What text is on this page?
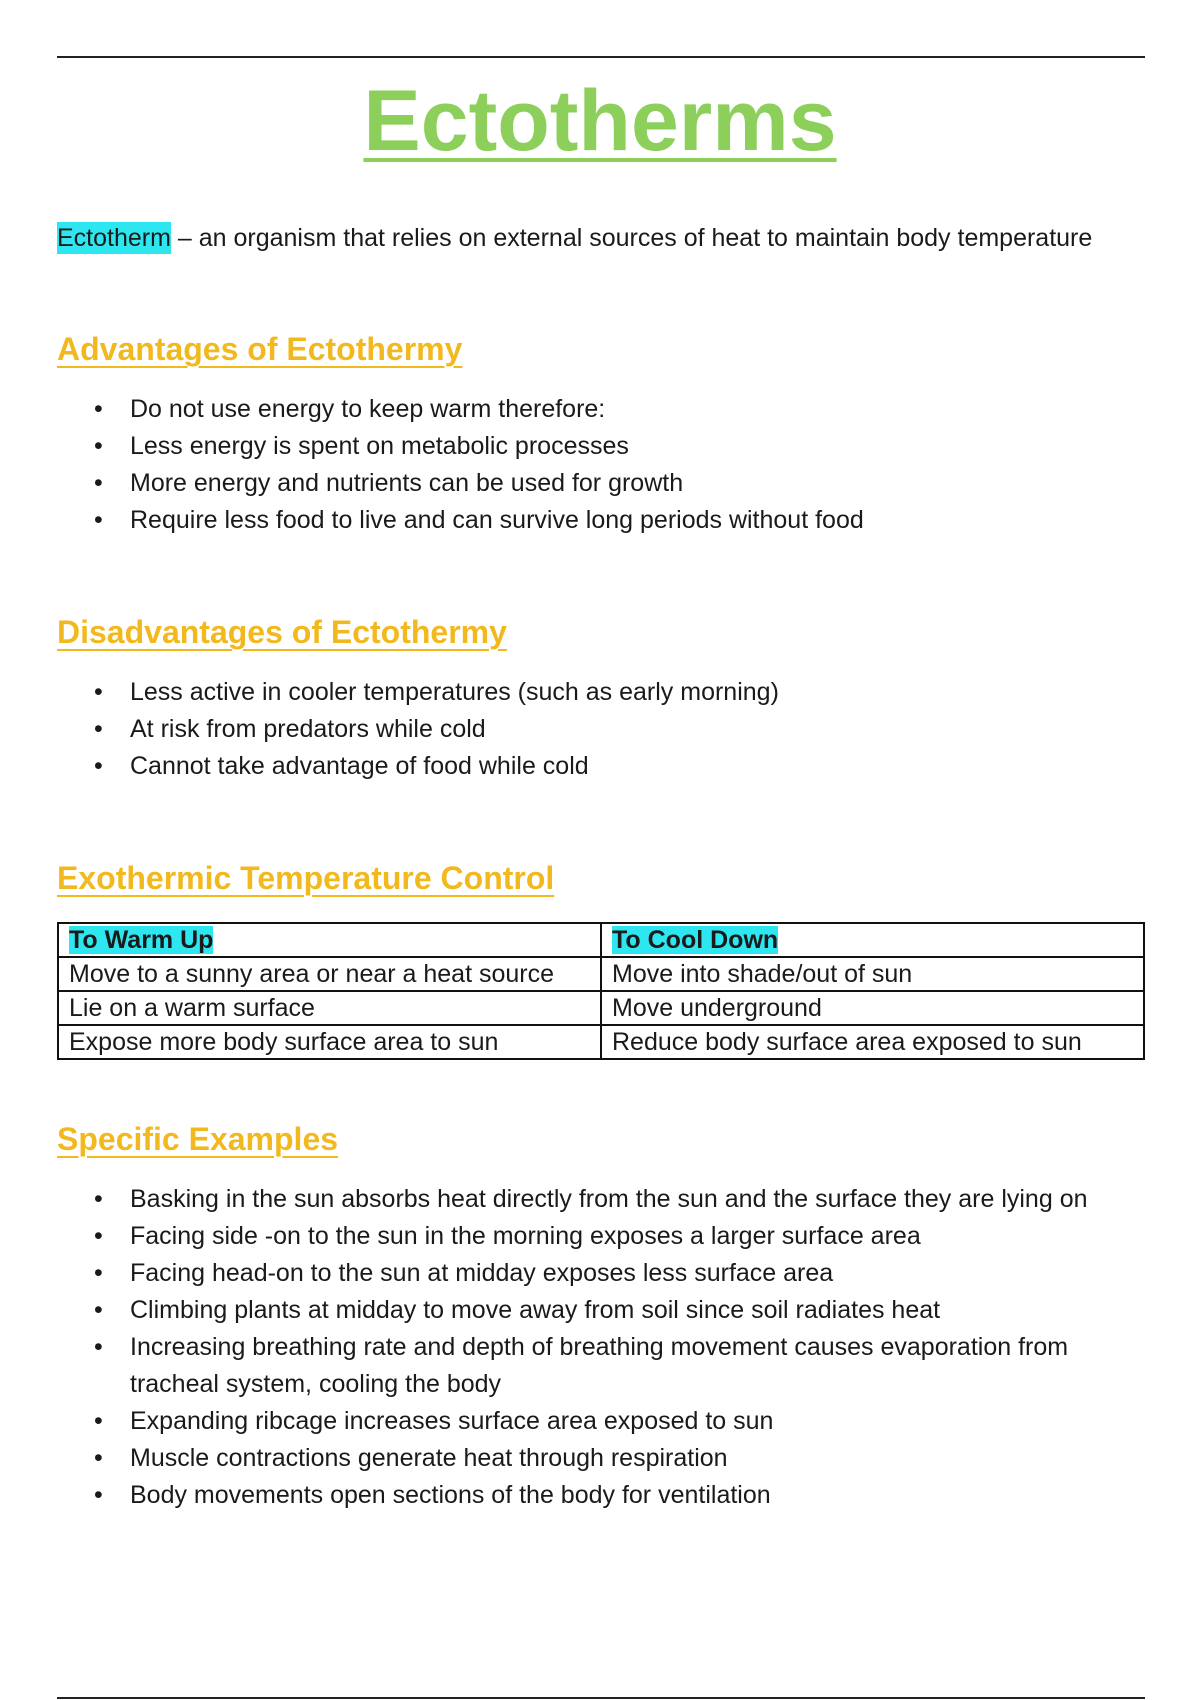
Ectotherms
Ectotherm – an organism that relies on external sources of heat to maintain body temperature
Advantages of Ectothermy
• Do not use energy to keep warm therefore:
• Less energy is spent on metabolic processes
• More energy and nutrients can be used for growth
• Require less food to live and can survive long periods without food
Disadvantages of Ectothermy
• Less active in cooler temperatures (such as early morning)
• At risk from predators while cold
• Cannot take advantage of food while cold
Exothermic Temperature Control
To Warm Up	To Cool Down
Move to a sunny area or near a heat source	Move into shade/out of sun
Lie on a warm surface	Move underground
Expose more body surface area to sun	Reduce body surface area exposed to sun
Specific Examples
• Basking in the sun absorbs heat directly from the sun and the surface they are lying on
• Facing side -on to the sun in the morning exposes a larger surface area
• Facing head-on to the sun at midday exposes less surface area
• Climbing plants at midday to move away from soil since soil radiates heat
• Increasing breathing rate and depth of breathing movement causes evaporation from tracheal system, cooling the body
• Expanding ribcage increases surface area exposed to sun
• Muscle contractions generate heat through respiration
• Body movements open sections of the body for ventilation
